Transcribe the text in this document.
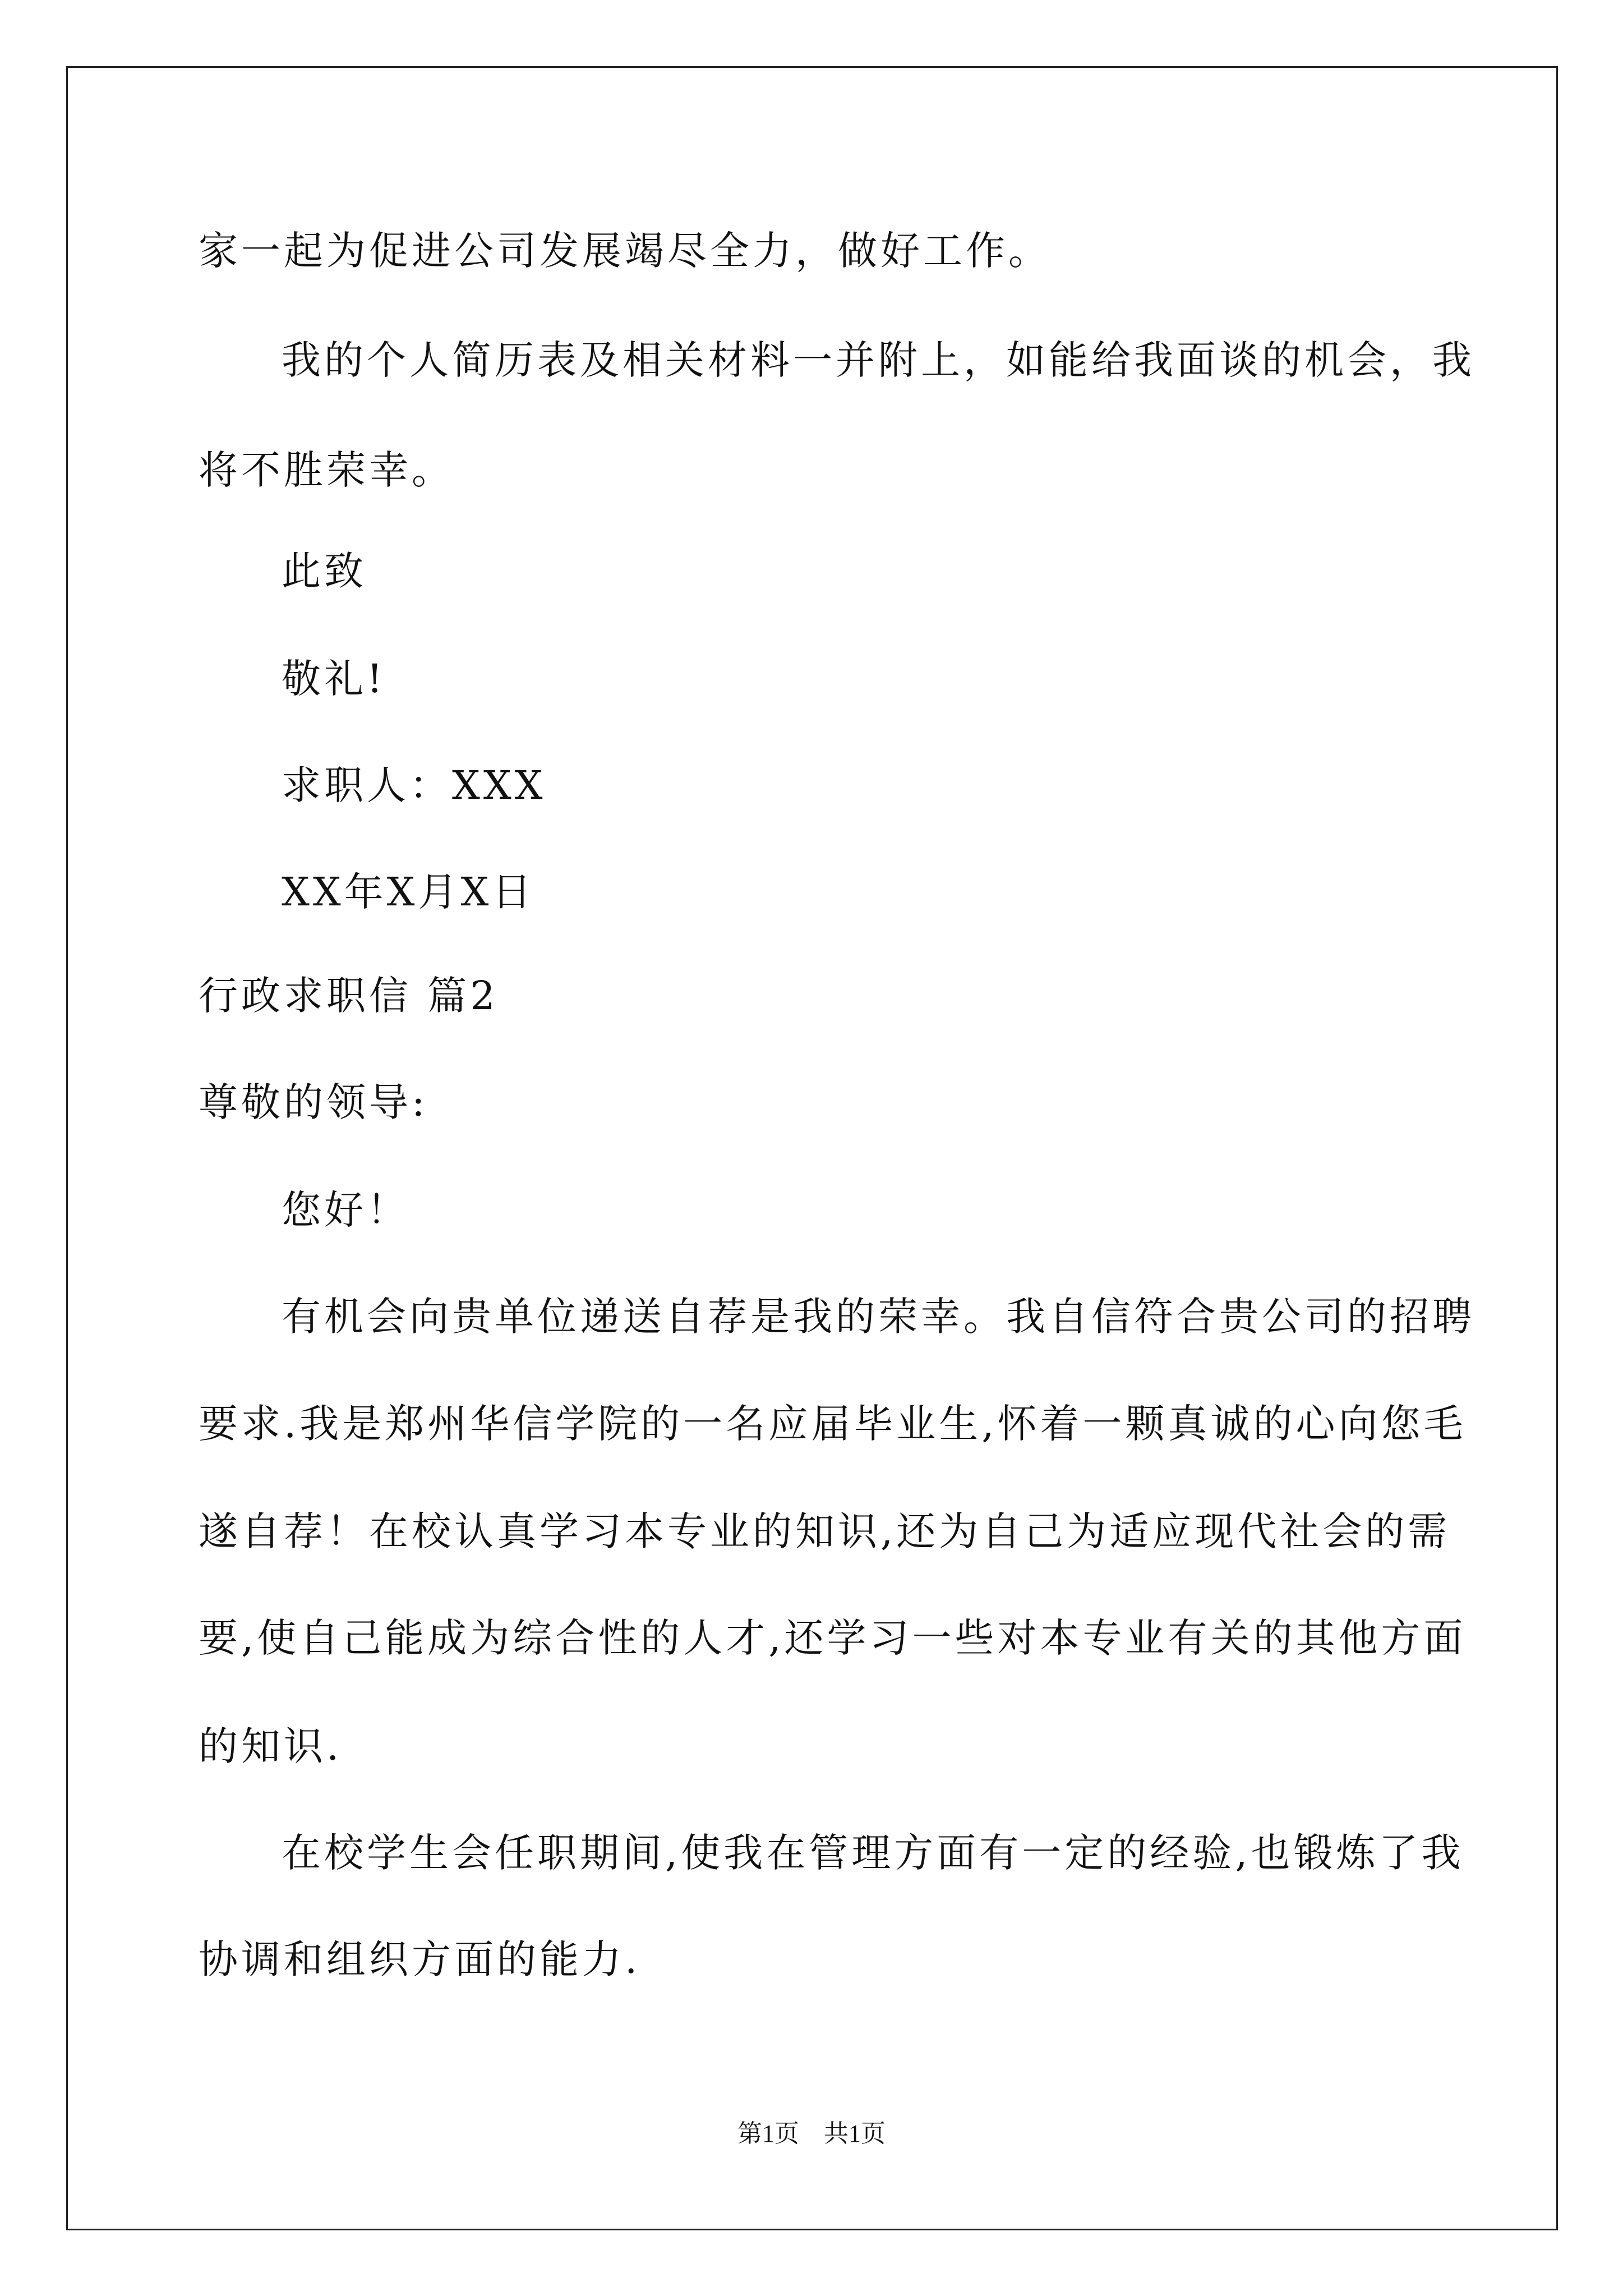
家一起为促进公司发展竭尽全力，做好工作。
我的个人简历表及相关材料一并附上，如能给我面谈的机会，我
将不胜荣幸。
此致
敬礼!
求职人：XXX
XX年X月X日
行政求职信 篇2
尊敬的领导:
您好！
有机会向贵单位递送自荐是我的荣幸。我自信符合贵公司的招聘
要求.我是郑州华信学院的一名应届毕业生,怀着一颗真诚的心向您毛
遂自荐！在校认真学习本专业的知识,还为自己为适应现代社会的需
要,使自己能成为综合性的人才,还学习一些对本专业有关的其他方面
的知识.
在校学生会任职期间,使我在管理方面有一定的经验,也锻炼了我
协调和组织方面的能力.
第1页　共1页
